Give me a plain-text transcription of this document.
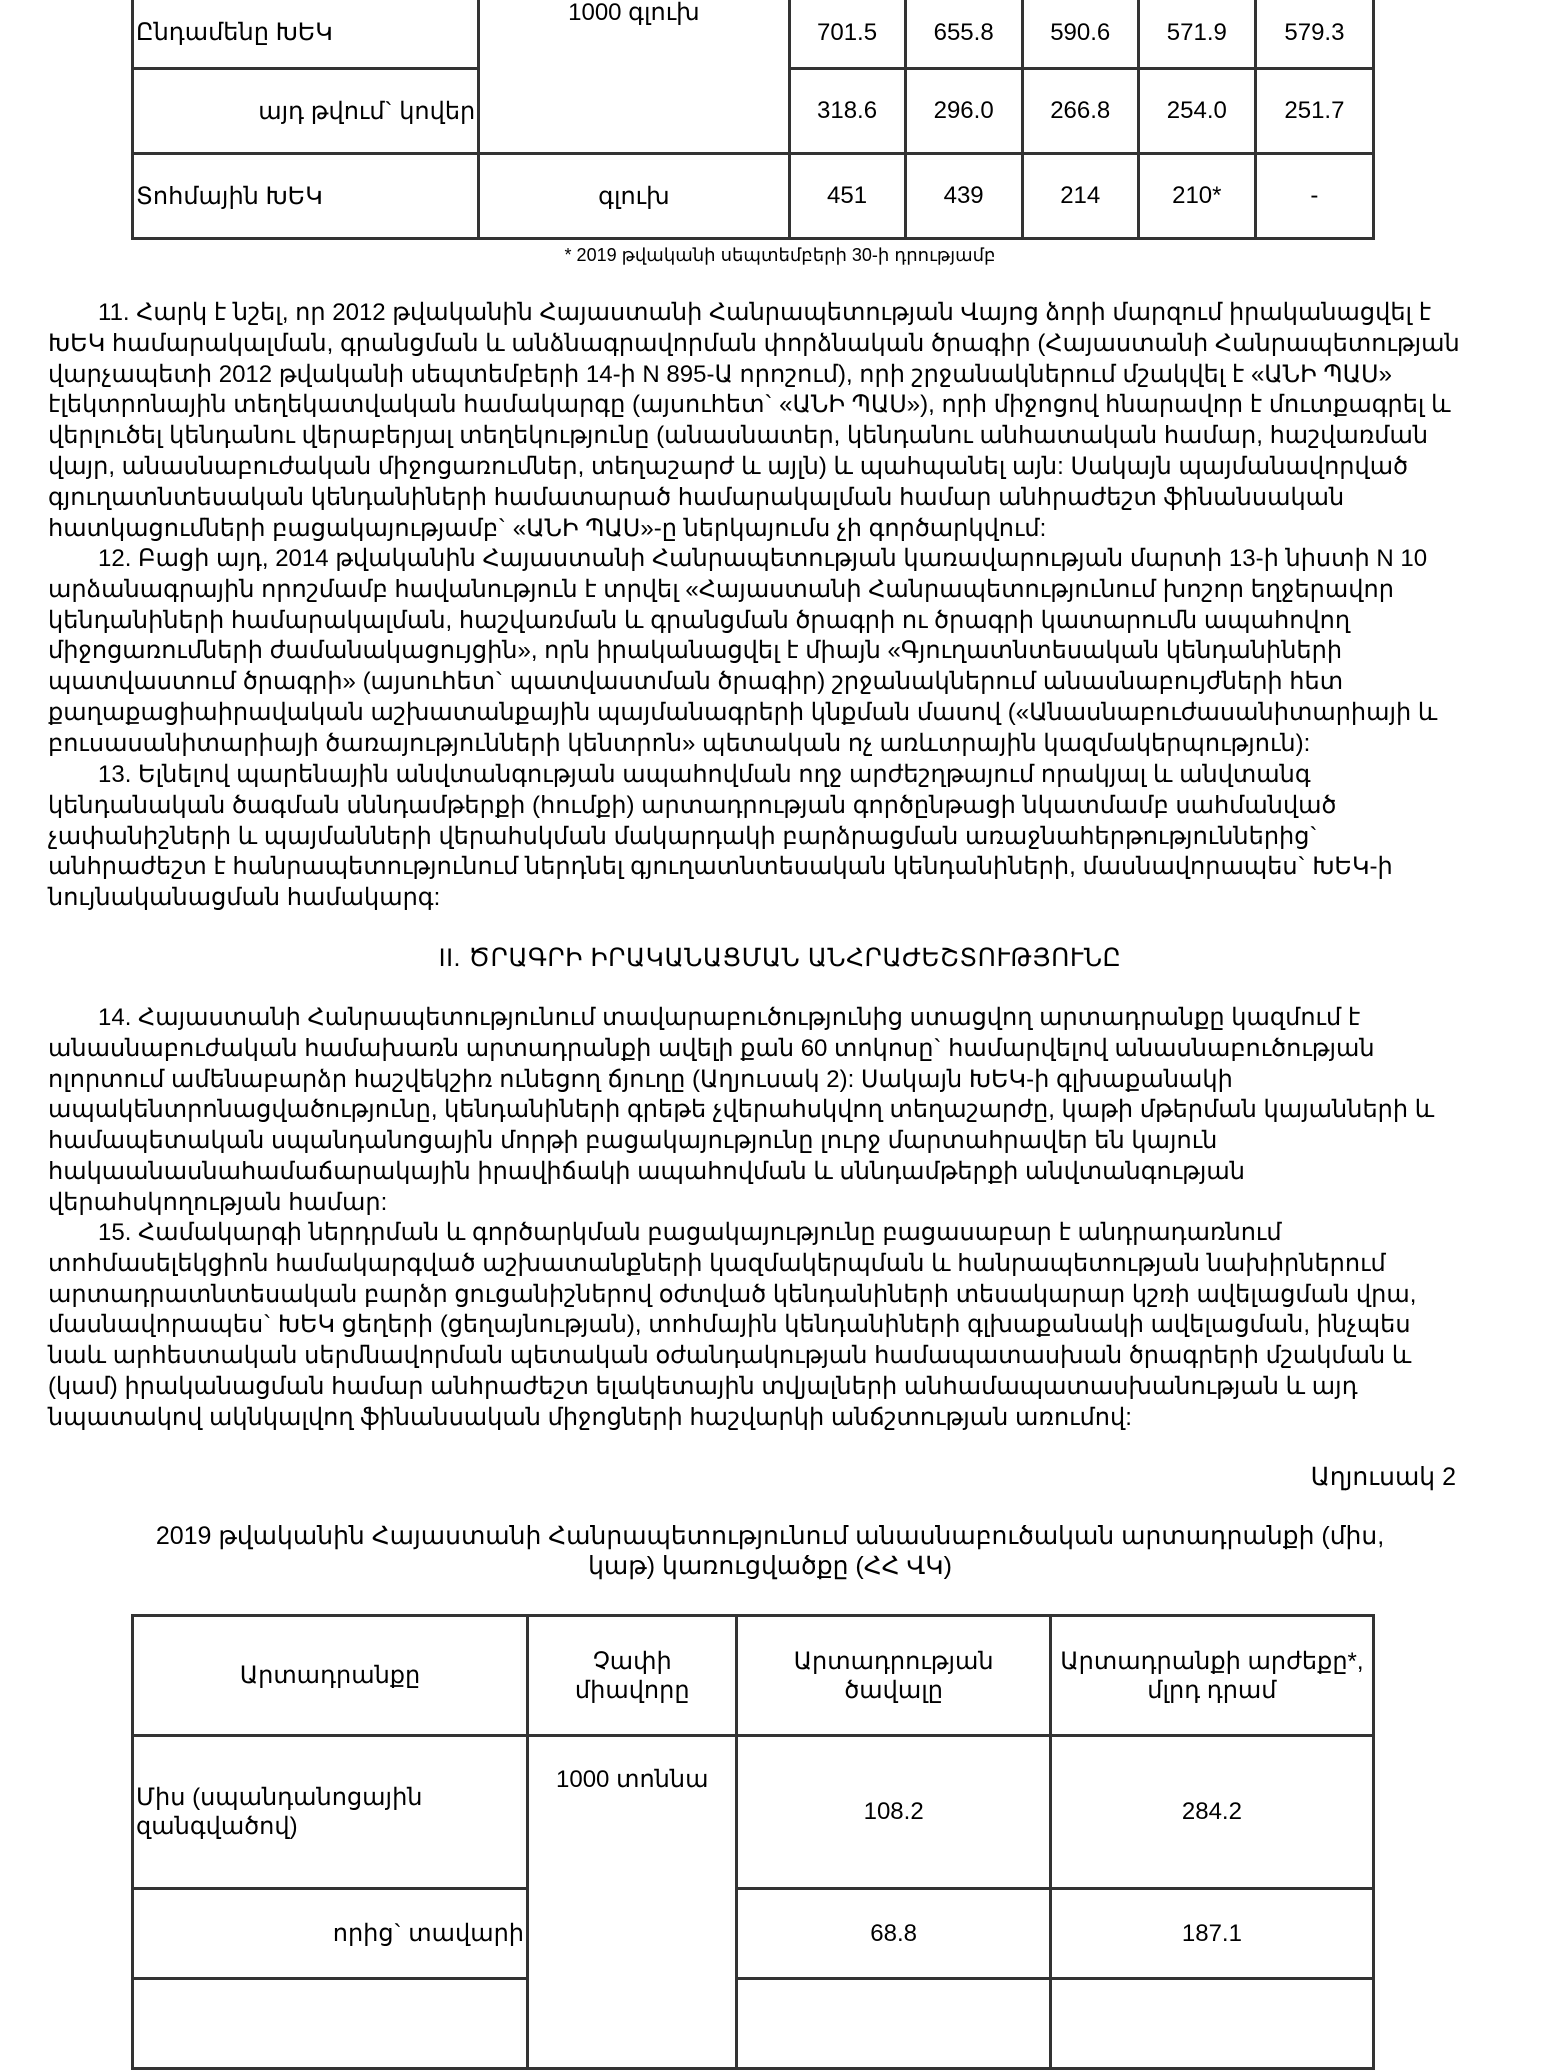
Ընդամենը ԽԵԿ	1000 գլուխ	701.5	655.8	590.6	571.9	579.3
այդ թվում` կովեր		318.6	296.0	266.8	254.0	251.7
Տոհմային ԽԵԿ	գլուխ	451	439	214	210*	-
* 2019 թվականի սեպտեմբերի 30-ի դրությամբ

11. Հարկ է նշել, որ 2012 թվականին Հայաստանի Հանրապետության Վայոց ձորի մարզում իրականացվել է ԽԵԿ համարակալման, գրանցման և անձնագրավորման փորձնական ծրագիր (Հայաստանի Հանրապետության վարչապետի 2012 թվականի սեպտեմբերի 14-ի N 895-Ա որոշում), որի շրջանակներում մշակվել է «ԱՆԻ ՊԱՍ» էլեկտրոնային տեղեկատվական համակարգը (այսուհետ` «ԱՆԻ ՊԱՍ»), որի միջոցով հնարավոր է մուտքագրել և վերլուծել կենդանու վերաբերյալ տեղեկությունը (անասնատեր, կենդանու անհատական համար, հաշվառման վայր, անասնաբուժական միջոցառումներ, տեղաշարժ և այլն) և պահպանել այն: Սակայն պայմանավորված գյուղատնտեսական կենդանիների համատարած համարակալման համար անհրաժեշտ ֆինանսական հատկացումների բացակայությամբ` «ԱՆԻ ՊԱՍ»-ը ներկայումս չի գործարկվում:

12. Բացի այդ, 2014 թվականին Հայաստանի Հանրապետության կառավարության մարտի 13-ի նիստի N 10 արձանագրային որոշմամբ հավանություն է տրվել «Հայաստանի Հանրապետությունում խոշոր եղջերավոր կենդանիների համարակալման, հաշվառման և գրանցման ծրագրի ու ծրագրի կատարումն ապահովող միջոցառումների ժամանակացույցին», որն իրականացվել է միայն «Գյուղատնտեսական կենդանիների պատվաստում ծրագրի» (այսուհետ` պատվաստման ծրագիր) շրջանակներում անասնաբույժների հետ քաղաքացիաիրավական աշխատանքային պայմանագրերի կնքման մասով («Անասնաբուժասանիտարիայի և բուսասանիտարիայի ծառայությունների կենտրոն» պետական ոչ առևտրային կազմակերպություն):

13. Ելնելով պարենային անվտանգության ապահովման ողջ արժեշղթայում որակյալ և անվտանգ կենդանական ծագման սննդամթերքի (հումքի) արտադրության գործընթացի նկատմամբ սահմանված չափանիշների և պայմանների վերահսկման մակարդակի բարձրացման առաջնահերթություններից` անհրաժեշտ է հանրապետությունում ներդնել գյուղատնտեսական կենդանիների, մասնավորապես` ԽԵԿ-ի նույնականացման համակարգ:

II. ԾՐԱԳՐԻ ԻՐԱԿԱՆԱՑՄԱՆ ԱՆՀՐԱԺԵՇՏՈՒԹՅՈՒՆԸ

14. Հայաստանի Հանրապետությունում տավարաբուծությունից ստացվող արտադրանքը կազմում է անասնաբուժական համախառն արտադրանքի ավելի քան 60 տոկոսը` համարվելով անասնաբուծության ոլորտում ամենաբարձր հաշվեկշիռ ունեցող ճյուղը (Աղյուսակ 2): Սակայն ԽԵԿ-ի գլխաքանակի ապակենտրոնացվածությունը, կենդանիների գրեթե չվերահսկվող տեղաշարժը, կաթի մթերման կայանների և համապետական սպանդանոցային մորթի բացակայությունը լուրջ մարտահրավեր են կայուն հակաանասնահամաճարակային իրավիճակի ապահովման և սննդամթերքի անվտանգության վերահսկողության համար:

15. Համակարգի ներդրման և գործարկման բացակայությունը բացասաբար է անդրադառնում տոհմասելեկցիոն համակարգված աշխատանքների կազմակերպման և հանրապետության նախիրներում արտադրատնտեսական բարձր ցուցանիշներով օժտված կենդանիների տեսակարար կշռի ավելացման վրա, մասնավորապես` ԽԵԿ ցեղերի (ցեղայնության), տոհմային կենդանիների գլխաքանակի ավելացման, ինչպես նաև արհեստական սերմնավորման պետական օժանդակության համապատասխան ծրագրերի մշակման և (կամ) իրականացման համար անհրաժեշտ ելակետային տվյալների անհամապատասխանության և այդ նպատակով ակնկալվող ֆինանսական միջոցների հաշվարկի անճշտության առումով:

Աղյուսակ 2
2019 թվականին Հայաստանի Հանրապետությունում անասնաբուծական արտադրանքի (միս, կաթ) կառուցվածքը (ՀՀ ՎԿ)
Արտադրանքը	Չափի միավորը	Արտադրության ծավալը	Արտադրանքի արժեքը*, մլրդ դրամ
Միս (սպանդանոցային զանգվածով)	1000 տոննա	108.2	284.2
որից` տավարի		68.8	187.1
